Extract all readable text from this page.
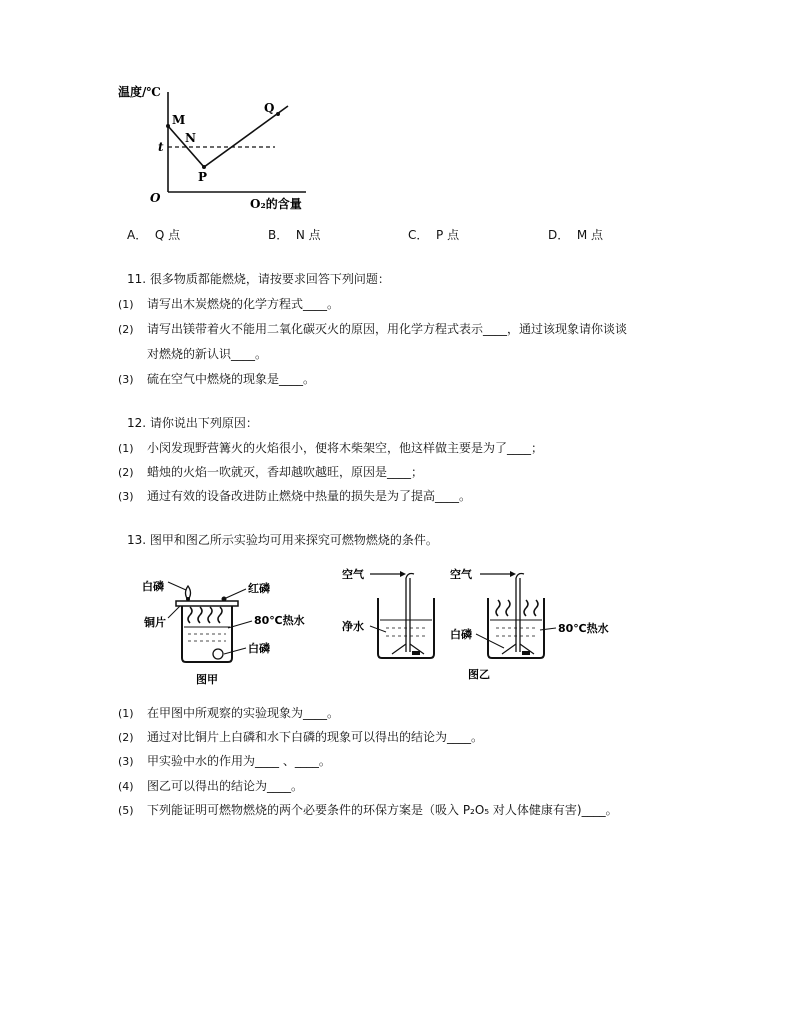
温度/℃
O₂的含量
O
t
M
N
P
Q
A． Q 点	B． N 点	C． P 点	D． M 点
11. 很多物质都能燃烧，请按要求回答下列问题：
(1) 请写出木炭燃烧的化学方程式____。
(2) 请写出镁带着火不能用二氧化碳灭火的原因，用化学方程式表示____，通过该现象请你谈谈
对燃烧的新认识____。
(3) 硫在空气中燃烧的现象是____。
12. 请你说出下列原因：
(1) 小闵发现野营篝火的火焰很小，便将木柴架空，他这样做主要是为了____；
(2) 蜡烛的火焰一吹就灭，香却越吹越旺，原因是____；
(3) 通过有效的设备改进防止燃烧中热量的损失是为了提高____。
13. 图甲和图乙所示实验均可用来探究可燃物燃烧的条件。
白磷	红磷
铜片	80℃热水
白磷
图甲
空气	空气
净水
白磷	80℃热水
图乙
(1) 在甲图中所观察的实验现象为____。
(2) 通过对比铜片上白磷和水下白磷的现象可以得出的结论为____。
(3) 甲实验中水的作用为____ 、____。
(4) 图乙可以得出的结论为____。
(5) 下列能证明可燃物燃烧的两个必要条件的环保方案是（吸入 P₂O₅ 对人体健康有害)____。
